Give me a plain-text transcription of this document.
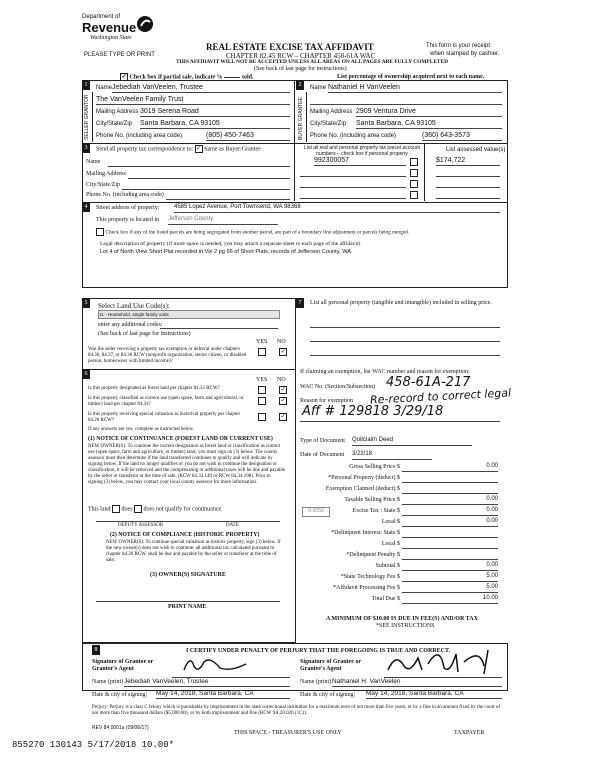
Department of
Revenue
Washington State
PLEASE TYPE OR PRINT
REAL ESTATE EXCISE TAX AFFIDAVIT
CHAPTER 82.45 RCW – CHAPTER 458-61A WAC
THIS AFFIDAVIT WILL NOT BE ACCEPTED UNLESS ALL AREAS ON ALL PAGES ARE FULLY COMPLETED
(See back of last page for instructions)
This form is your receipt
when stamped by cashier.
✓ Check box if partial sale, indicate %	sold.	List percentage of ownership acquired next to each name.
1
SELLER GRANTOR
Name Jebediah VanVeelen, Trustee
The VanVeelen Family Trust
Mailing Address 3019 Serena Road
City/State/Zip Santa Barbara, CA 93105
Phone No. (including area code)	(805) 450-7463
2
BUYER GRANTEE
Name Nathaniel H VanVeelen
Mailing Address 2909 Ventura Drive
City/State/Zip Santa Barbara, CA 93105
Phone No. (including area code)	(360) 643-3573
3	Send all property tax correspondence to: ✓ Same as Buyer/Grantee
Name
Mailing Address
City/State/Zip
Phone No. (including area code)
List all real and personal property tax parcel account numbers – check box if personal property
List assessed value(s)
992300057	$174,722
4	Street address of property: 4585 Lopez Avenue, Port Townsend, WA 98368
This property is located in Jefferson County
Check box if any of the listed parcels are being segregated from another parcel, are part of a boundary line adjustment or parcels being merged.
Legal description of property (if more space is needed, you may attach a separate sheet to each page of the affidavit)
Lot 4 of North View Short Plat recorded in Vol 2 pg 66 of Short Plats, records of Jefferson County, WA
5	Select Land Use Code(s):
11 - Household, single family units
enter any additional codes:
(See back of last page for instructions)
YES NO
Was the seller receiving a property tax exemption or deferral under chapters 84.36, 84.37, or 84.38 RCW (nonprofit organization, senior citizen, or disabled person, homeowner with limited income)?
✓
6
YES NO
Is this property designated as forest land per chapter 84.33 RCW?	✓
Is this property classified as current use (open space, farm and agricultural, or timber) land per chapter 84.34?
✓
Is this property receiving special valuation as historical property per chapter 84.26 RCW?
✓
If any answers are yes, complete as instructed below.
(1) NOTICE OF CONTINUANCE (FOREST LAND OR CURRENT USE)
NEW OWNER(S): To continue the current designation as forest land or classification as current use (open space, farm and agriculture, or timber) land, you must sign on (3) below. The county assessor must then determine if the land transferred continues to qualify and will indicate by signing below. If the land no longer qualifies or you do not wish to continue the designation or classification, it will be removed and the compensating or additional taxes will be due and payable by the seller or transferor at the time of sale. (RCW 84.33.140 or RCW 84.34.108). Prior to signing (3) below, you may contact your local county assessor for more information.
This land does does not qualify for continuance.
DEPUTY ASSESSOR	DATE
(2) NOTICE OF COMPLIANCE (HISTORIC PROPERTY)
NEW OWNER(S): To continue special valuation as historic property, sign (3) below. If the new owner(s) does not wish to continue, all additional tax calculated pursuant to chapter 84.26 RCW, shall be due and payable by the seller or transferor at the time of sale.
(3) OWNER(S) SIGNATURE
PRINT NAME
7	List all personal property (tangible and intangible) included in selling price.
If claiming an exemption, list WAC number and reason for exemption:
WAC No. (Section/Subsection) 458-61A-217
Reason for exemption Re-record to correct legal
Aff # 129818 3/29/18
Type of Document Quitclaim Deed
Date of Document 3/22/18
Gross Selling Price $	0.00
*Personal Property (deduct) $
Exemption Claimed (deduct) $
Taxable Selling Price $	0.00
0.0050	Excise Tax : State $	0.00
Local $	0.00
*Delinquent Interest: State $
Local $
*Delinquent Penalty $
Subtotal $	0.00
*State Technology Fee $	5.00
*Affidavit Processing Fee $	5.00
Total Due $	10.00
A MINIMUM OF $10.00 IS DUE IN FEE(S) AND/OR TAX
*SEE INSTRUCTIONS
8	I CERTIFY UNDER PENALTY OF PERJURY THAT THE FOREGOING IS TRUE AND CORRECT.
Signature of Grantor or Grantor's Agent
Name (print) Jebediah VanVeelen, Trustee
Signature of Grantee or Grantee's Agent
Name (print) Nathaniel H. VanVeelen
Date & city of signing: May 14, 2018, Santa Barbara, CA	Date & city of signing: May 14, 2018, Santa Barbara, CA
Perjury: Perjury is a class C felony which is punishable by imprisonment in the state correctional institution for a maximum term of not more than five years, or by a fine in an amount fixed by the court of not more than five thousand dollars ($5,000.00), or by both imprisonment and fine (RCW 9A.20.020 (1C)).
REV 84 0001a (09/06/17)
THIS SPACE - TREASURER'S USE ONLY	TAXPAYER
855270 130143 5/17/2018 10.00*
